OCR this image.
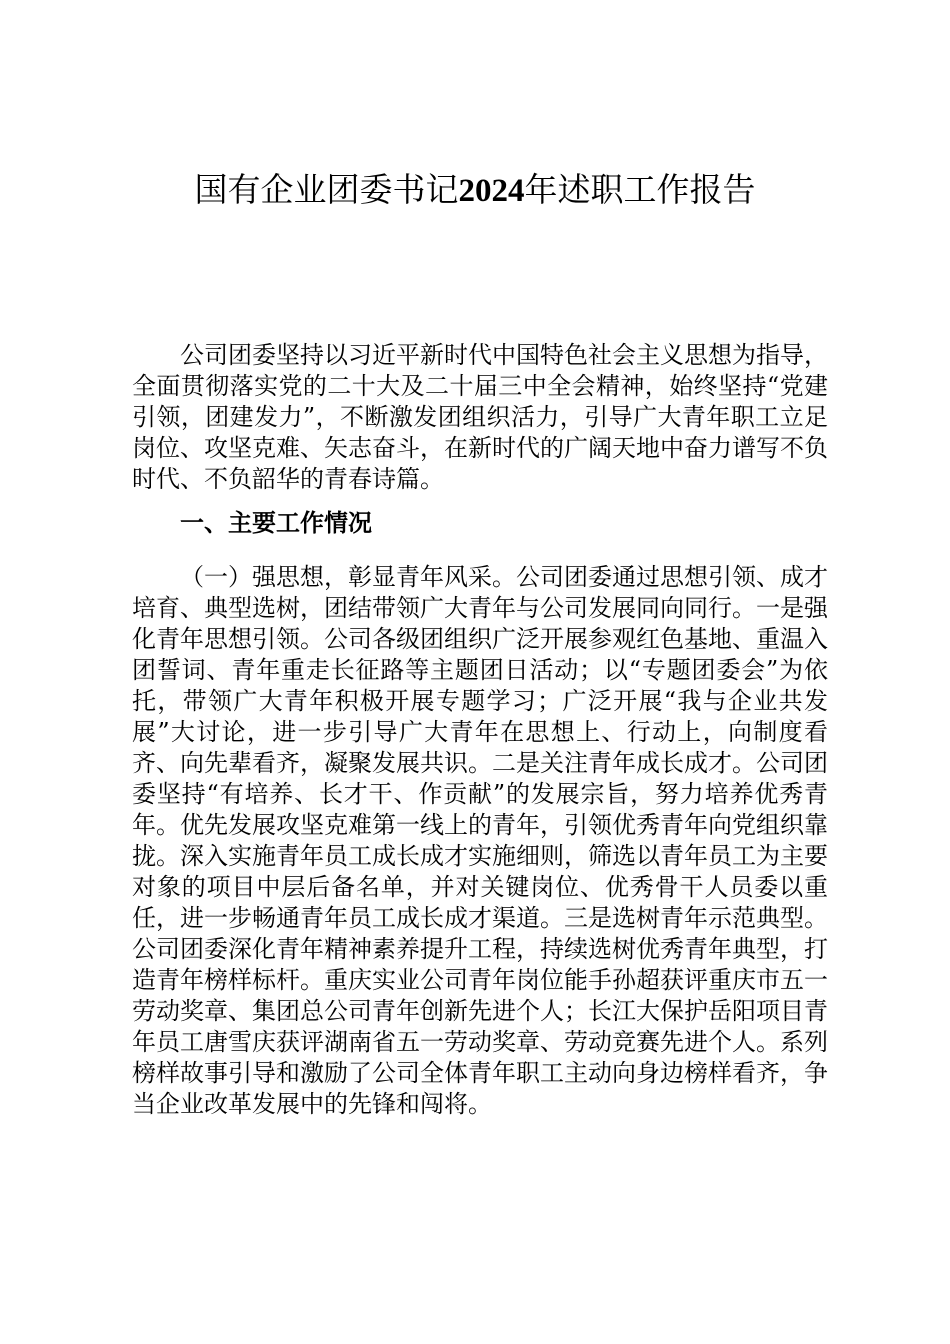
国有企业团委书记2024年述职工作报告

公司团委坚持以习近平新时代中国特色社会主义思想为指导，全面贯彻落实党的二十大及二十届三中全会精神，始终坚持“党建引领，团建发力”，不断激发团组织活力，引导广大青年职工立足岗位、攻坚克难、矢志奋斗，在新时代的广阔天地中奋力谱写不负时代、不负韶华的青春诗篇。

一、主要工作情况

（一）强思想，彰显青年风采。公司团委通过思想引领、成才培育、典型选树，团结带领广大青年与公司发展同向同行。一是强化青年思想引领。公司各级团组织广泛开展参观红色基地、重温入团誓词、青年重走长征路等主题团日活动；以“专题团委会”为依托，带领广大青年积极开展专题学习；广泛开展“我与企业共发展”大讨论，进一步引导广大青年在思想上、行动上，向制度看齐、向先辈看齐，凝聚发展共识。二是关注青年成长成才。公司团委坚持“有培养、长才干、作贡献”的发展宗旨，努力培养优秀青年。优先发展攻坚克难第一线上的青年，引领优秀青年向党组织靠拢。深入实施青年员工成长成才实施细则，筛选以青年员工为主要对象的项目中层后备名单，并对关键岗位、优秀骨干人员委以重任，进一步畅通青年员工成长成才渠道。三是选树青年示范典型。公司团委深化青年精神素养提升工程，持续选树优秀青年典型，打造青年榜样标杆。重庆实业公司青年岗位能手孙超获评重庆市五一劳动奖章、集团总公司青年创新先进个人；长江大保护岳阳项目青年员工唐雪庆获评湖南省五一劳动奖章、劳动竞赛先进个人。系列榜样故事引导和激励了公司全体青年职工主动向身边榜样看齐，争当企业改革发展中的先锋和闯将。
